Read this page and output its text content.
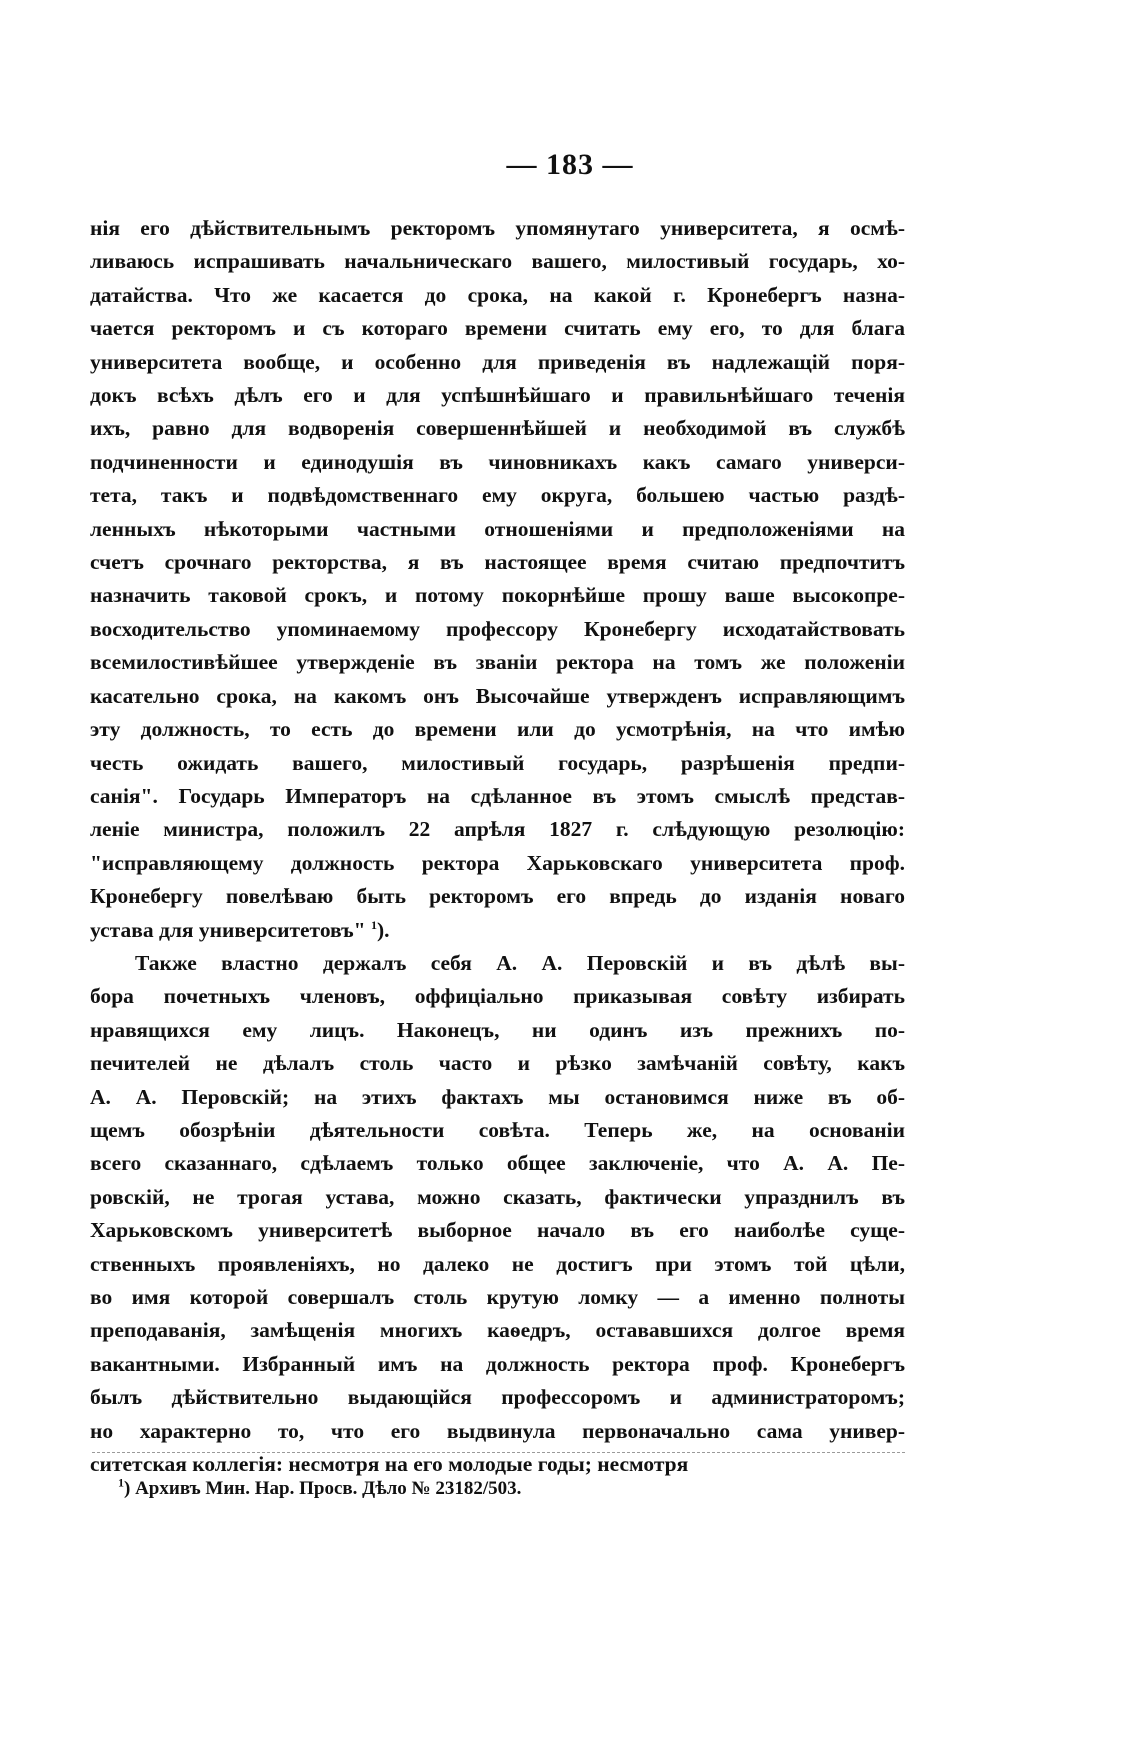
— 183 —
нія его дѣйствительнымъ ректоромъ упомянутаго университета, я осмѣ-
ливаюсь испрашивать начальническаго вашего, милостивый государь, хо-
датайства. Что же касается до срока, на какой г. Кронебергъ назна-
чается ректоромъ и съ котораго времени считать ему его, то для блага
университета вообще, и особенно для приведенія въ надлежащій поря-
докъ всѣхъ дѣлъ его и для успѣшнѣйшаго и правильнѣйшаго теченія
ихъ, равно для водворенія совершеннѣйшей и необходимой въ службѣ
подчиненности и единодушія въ чиновникахъ какъ самаго универси-
тета, такъ и подвѣдомственнаго ему округа, большею частью раздѣ-
ленныхъ нѣкоторыми частными отношеніями и предположеніями на
счетъ срочнаго ректорства, я въ настоящее время считаю предпочтитъ
назначить таковой срокъ, и потому покорнѣйше прошу ваше высокопре-
восходительство упоминаемому профессору Кронебергу исходатайствовать
всемилостивѣйшее утвержденіе въ званіи ректора на томъ же положеніи
касательно срока, на какомъ онъ Высочайше утвержденъ исправляющимъ
эту должность, то есть до времени или до усмотрѣнія, на что имѣю
честь ожидать вашего, милостивый государь, разрѣшенія предпи-
санія". Государь Императоръ на сдѣланное въ этомъ смыслѣ представ-
леніе министра, положилъ 22 апрѣля 1827 г. слѣдующую резолюцію:
"исправляющему должность ректора Харьковскаго университета проф.
Кронебергу повелѣваю быть ректоромъ его впредь до изданія новаго
устава для университетовъ" $^1$).
Также властно держалъ себя А. А. Перовскій и въ дѣлѣ вы-
бора почетныхъ членовъ, оффиціально приказывая совѣту избирать
нравящихся ему лицъ. Наконецъ, ни одинъ изъ прежнихъ по-
печителей не дѣлалъ столь часто и рѣзко замѣчаній совѣту, какъ
А. А. Перовскій; на этихъ фактахъ мы остановимся ниже въ об-
щемъ обозрѣніи дѣятельности совѣта. Теперь же, на основаніи
всего сказаннаго, сдѣлаемъ только общее заключеніе, что А. А. Пе-
ровскій, не трогая устава, можно сказать, фактически упразднилъ въ
Харьковскомъ университетѣ выборное начало въ его наиболѣе суще-
ственныхъ проявленіяхъ, но далеко не достигъ при этомъ той цѣли,
во имя которой совершалъ столь крутую ломку — а именно полноты
преподаванія, замѣщенія многихъ каѳедръ, остававшихся долгое время
вакантными. Избранный имъ на должность ректора проф. Кронебергъ
былъ дѣйствительно выдающійся профессоромъ и администраторомъ;
но характерно то, что его выдвинула первоначально сама универ-
ситетская коллегія: несмотря на его молодые годы; несмотря
$^1$) Архивъ Мин. Нар. Просв. Дѣло № 23182/503.
